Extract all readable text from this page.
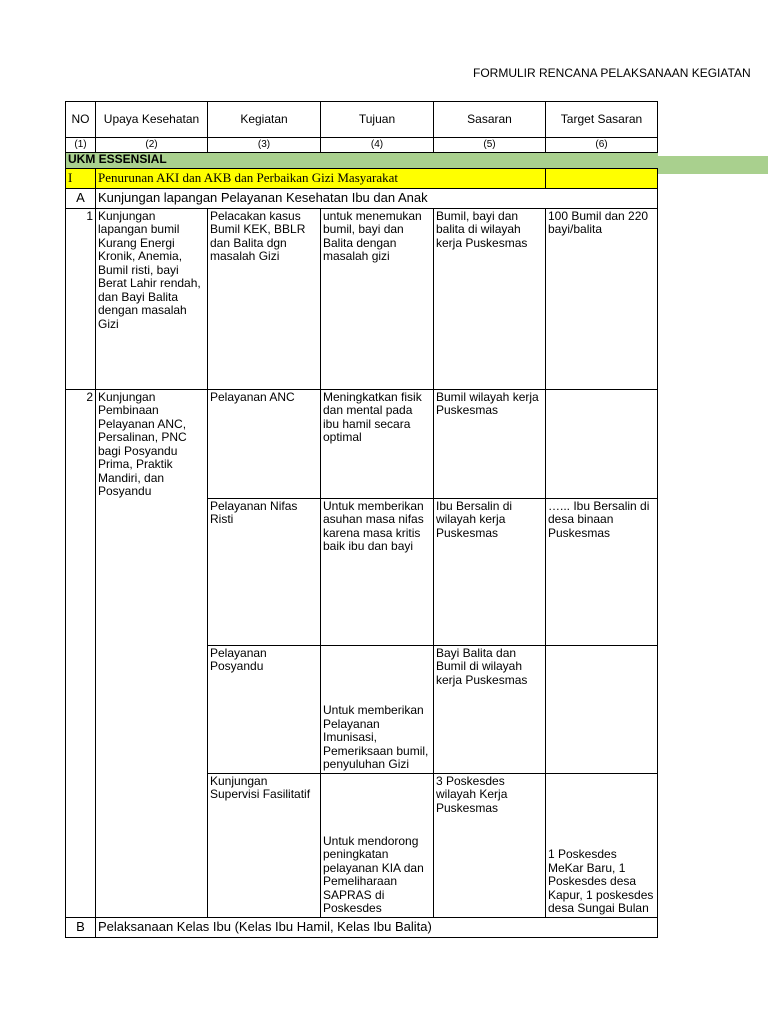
FORMULIR RENCANA PELAKSANAAN KEGIATAN
NO	Upaya Kesehatan	Kegiatan	Tujuan	Sasaran	Target Sasaran
(1)	(2)	(3)	(4)	(5)	(6)
UKM ESSENSIAL					
I	Penurunan AKI dan AKB dan Perbaikan Gizi Masyarakat				
A	Kunjungan lapangan Pelayanan Kesehatan Ibu dan Anak				
1	Kunjungan lapangan bumil Kurang Energi Kronik, Anemia, Bumil risti, bayi Berat Lahir rendah, dan Bayi Balita dengan masalah Gizi	Pelacakan kasus Bumil KEK, BBLR dan Balita dgn masalah Gizi	untuk menemukan bumil, bayi dan Balita dengan masalah gizi	Bumil, bayi dan balita di wilayah kerja Puskesmas	100 Bumil dan 220 bayi/balita
2	Kunjungan Pembinaan Pelayanan ANC, Persalinan, PNC bagi Posyandu Prima, Praktik Mandiri, dan Posyandu	Pelayanan ANC	Meningkatkan fisik dan mental pada ibu hamil secara optimal	Bumil wilayah kerja Puskesmas	
		Pelayanan Nifas Risti	Untuk memberikan asuhan masa nifas karena masa kritis baik ibu dan bayi	Ibu Bersalin di wilayah kerja Puskesmas	…... Ibu Bersalin di desa binaan Puskesmas
		Pelayanan Posyandu	Untuk memberikan Pelayanan Imunisasi, Pemeriksaan bumil, penyuluhan Gizi	Bayi Balita dan Bumil di wilayah kerja Puskesmas	
		Kunjungan Supervisi Fasilitatif	Untuk mendorong peningkatan pelayanan KIA dan Pemeliharaan SAPRAS di Poskesdes	3 Poskesdes wilayah Kerja Puskesmas	1 Poskesdes MeKar Baru, 1 Poskesdes desa Kapur, 1 poskesdes desa Sungai Bulan
B	Pelaksanaan Kelas Ibu (Kelas Ibu Hamil, Kelas Ibu Balita)				
